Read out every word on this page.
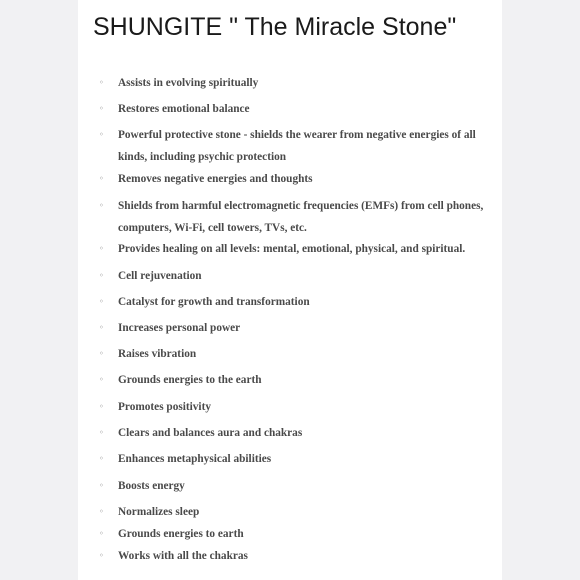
SHUNGITE " The Miracle Stone"
◦	Assists in evolving spiritually
◦	Restores emotional balance
◦	Powerful protective stone - shields the wearer from negative energies of all kinds, including psychic protection
◦	Removes negative energies and thoughts
◦	Shields from harmful electromagnetic frequencies (EMFs) from cell phones, computers, Wi-Fi, cell towers, TVs, etc.
◦	Provides healing on all levels: mental, emotional, physical, and spiritual.
◦	Cell rejuvenation
◦	Catalyst for growth and transformation
◦	Increases personal power
◦	Raises vibration
◦	Grounds energies to the earth
◦	Promotes positivity
◦	Clears and balances aura and chakras
◦	Enhances metaphysical abilities
◦	Boosts energy
◦	Normalizes sleep
◦	Grounds energies to earth
◦	Works with all the chakras
